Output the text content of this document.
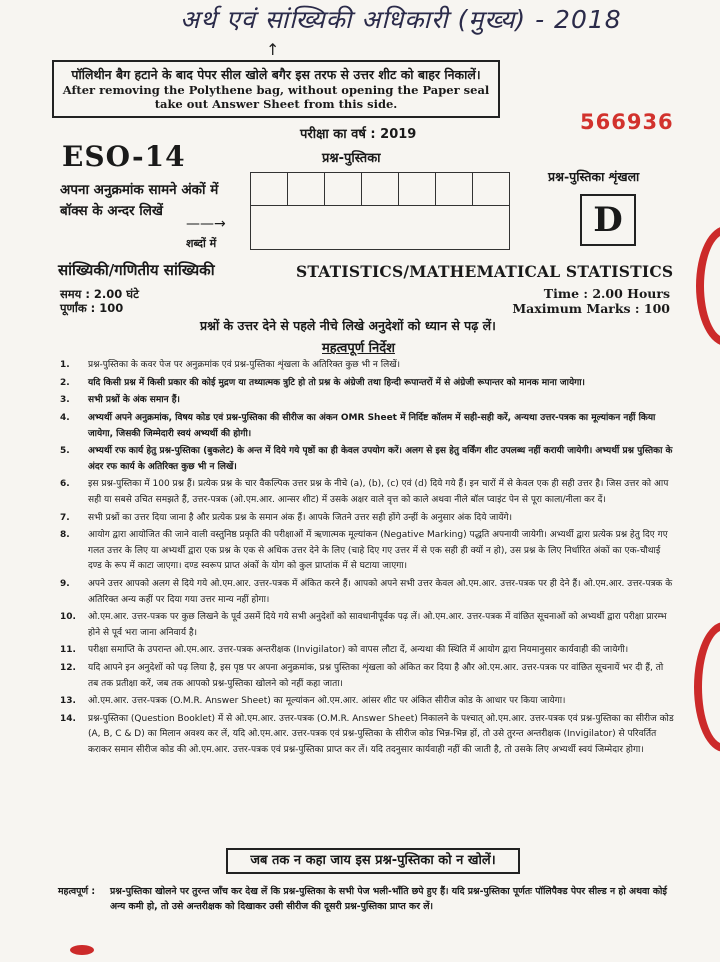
अर्थ एवं सांख्यिकी अधिकारी (मुख्य) - 2018
↑
पॉलिथीन बैग हटाने के बाद पेपर सील खोले बगैर इस तरफ से उत्तर शीट को बाहर निकालें।
After removing the Polythene bag, without opening the Paper seal
take out Answer Sheet from this side.
566936
परीक्षा का वर्ष : 2019
ESO-14	प्रश्न-पुस्तिका
प्रश्न-पुस्तिका शृंखला
अपना अनुक्रमांक सामने अंकों में
बॉक्स के अन्दर लिखें
——→
शब्दों में
D
सांख्यिकी/गणितीय सांख्यिकी	STATISTICS/MATHEMATICAL STATISTICS
समय : 2.00 घंटे
पूर्णांक : 100
Time : 2.00 Hours
Maximum Marks : 100
प्रश्नों के उत्तर देने से पहले नीचे लिखे अनुदेशों को ध्यान से पढ़ लें।
महत्वपूर्ण निर्देश
1. प्रश्न-पुस्तिका के कवर पेज पर अनुक्रमांक एवं प्रश्न-पुस्तिका शृंखला के अतिरिक्त कुछ भी न लिखें।
2. यदि किसी प्रश्न में किसी प्रकार की कोई मुद्रण या तथ्यात्मक त्रुटि हो तो प्रश्न के अंग्रेजी तथा हिन्दी रूपान्तरों में से अंग्रेजी रूपान्तर को मानक माना जायेगा।
3. सभी प्रश्नों के अंक समान हैं।
4. अभ्यर्थी अपने अनुक्रमांक, विषय कोड एवं प्रश्न-पुस्तिका की सीरीज का अंकन OMR Sheet में निर्दिष्ट कॉलम में सही-सही करें, अन्यथा उत्तर-पत्रक का मूल्यांकन नहीं किया जायेगा, जिसकी जिम्मेदारी स्वयं अभ्यर्थी की होगी।
5. अभ्यर्थी रफ कार्य हेतु प्रश्न-पुस्तिका (बुकलेट) के अन्त में दिये गये पृष्ठों का ही केवल उपयोग करें। अलग से इस हेतु वर्किंग शीट उपलब्ध नहीं करायी जायेगी। अभ्यर्थी प्रश्न पुस्तिका के अंदर रफ कार्य के अतिरिक्त कुछ भी न लिखें।
6. इस प्रश्न-पुस्तिका में 100 प्रश्न हैं। प्रत्येक प्रश्न के चार वैकल्पिक उत्तर प्रश्न के नीचे (a), (b), (c) एवं (d) दिये गये हैं। इन चारों में से केवल एक ही सही उत्तर है। जिस उत्तर को आप सही या सबसे उचित समझते हैं, उत्तर-पत्रक (ओ.एम.आर. आन्सर शीट) में उसके अक्षर वाले वृत्त को काले अथवा नीले बॉल प्वाइंट पेन से पूरा काला/नीला कर दें।
7. सभी प्रश्नों का उत्तर दिया जाना है और प्रत्येक प्रश्न के समान अंक हैं। आपके जितने उत्तर सही होंगे उन्हीं के अनुसार अंक दिये जायेंगे।
8. आयोग द्वारा आयोजित की जाने वाली वस्तुनिष्ठ प्रकृति की परीक्षाओं में ऋणात्मक मूल्यांकन (Negative Marking) पद्धति अपनायी जायेगी। अभ्यर्थी द्वारा प्रत्येक प्रश्न हेतु दिए गए गलत उत्तर के लिए या अभ्यर्थी द्वारा एक प्रश्न के एक से अधिक उत्तर देने के लिए (चाहे दिए गए उत्तर में से एक सही ही क्यों न हो), उस प्रश्न के लिए निर्धारित अंकों का एक-चौथाई दण्ड के रूप में काटा जाएगा। दण्ड स्वरूप प्राप्त अंकों के योग को कुल प्राप्तांक में से घटाया जाएगा।
9. अपने उत्तर आपको अलग से दिये गये ओ.एम.आर. उत्तर-पत्रक में अंकित करने हैं। आपको अपने सभी उत्तर केवल ओ.एम.आर. उत्तर-पत्रक पर ही देने हैं। ओ.एम.आर. उत्तर-पत्रक के अतिरिक्त अन्य कहीं पर दिया गया उत्तर मान्य नहीं होगा।
10. ओ.एम.आर. उत्तर-पत्रक पर कुछ लिखने के पूर्व उसमें दिये गये सभी अनुदेशों को सावधानीपूर्वक पढ़ लें। ओ.एम.आर. उत्तर-पत्रक में वांछित सूचनाओं को अभ्यर्थी द्वारा परीक्षा प्रारम्भ होने से पूर्व भरा जाना अनिवार्य है।
11. परीक्षा समाप्ति के उपरान्त ओ.एम.आर. उत्तर-पत्रक अन्तरीक्षक (Invigilator) को वापस लौटा दें, अन्यथा की स्थिति में आयोग द्वारा नियमानुसार कार्यवाही की जायेगी।
12. यदि आपने इन अनुदेशों को पढ़ लिया है, इस पृष्ठ पर अपना अनुक्रमांक, प्रश्न पुस्तिका शृंखला को अंकित कर दिया है और ओ.एम.आर. उत्तर-पत्रक पर वांछित सूचनायें भर दी हैं, तो तब तक प्रतीक्षा करें, जब तक आपको प्रश्न-पुस्तिका खोलने को नहीं कहा जाता।
13. ओ.एम.आर. उत्तर-पत्रक (O.M.R. Answer Sheet) का मूल्यांकन ओ.एम.आर. आंसर शीट पर अंकित सीरीज कोड के आधार पर किया जायेगा।
14. प्रश्न-पुस्तिका (Question Booklet) में से ओ.एम.आर. उत्तर-पत्रक (O.M.R. Answer Sheet) निकालने के पश्चात् ओ.एम.आर. उत्तर-पत्रक एवं प्रश्न-पुस्तिका का सीरीज कोड (A, B, C & D) का मिलान अवश्य कर लें, यदि ओ.एम.आर. उत्तर-पत्रक एवं प्रश्न-पुस्तिका के सीरीज कोड भिन्न-भिन्न हों, तो उसे तुरन्त अन्तरीक्षक (Invigilator) से परिवर्तित कराकर समान सीरीज कोड की ओ.एम.आर. उत्तर-पत्रक एवं प्रश्न-पुस्तिका प्राप्त कर लें। यदि तदनुसार कार्यवाही नहीं की जाती है, तो उसके लिए अभ्यर्थी स्वयं जिम्मेदार होगा।
जब तक न कहा जाय इस प्रश्न-पुस्तिका को न खोलें।
महत्वपूर्ण : प्रश्न-पुस्तिका खोलने पर तुरन्त जाँच कर देख लें कि प्रश्न-पुस्तिका के सभी पेज भली-भाँति छपे हुए हैं। यदि प्रश्न-पुस्तिका पूर्णतः पॉलिपैक्ड पेपर सील्ड न हो अथवा कोई अन्य कमी हो, तो उसे अन्तरीक्षक को दिखाकर उसी सीरीज की दूसरी प्रश्न-पुस्तिका प्राप्त कर लें।
